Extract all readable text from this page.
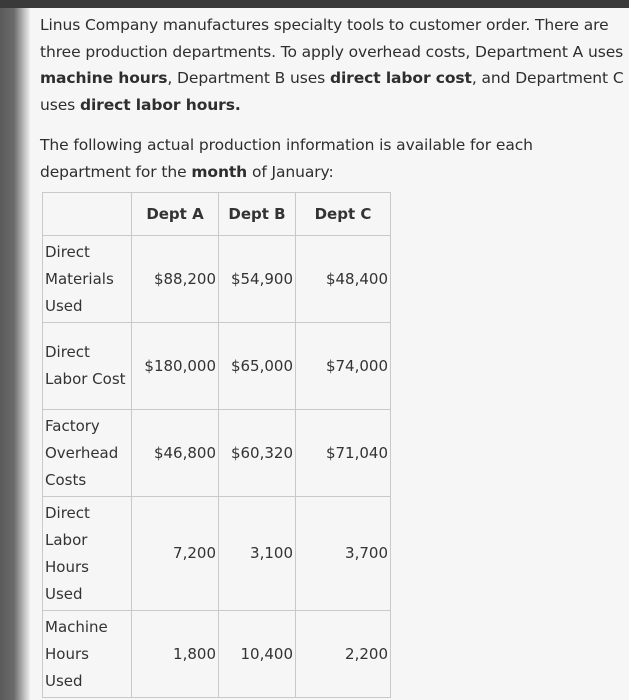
Linus Company manufactures specialty tools to customer order. There are three production departments. To apply overhead costs, Department A uses machine hours, Department B uses direct labor cost, and Department C uses direct labor hours.

The following actual production information is available for each department for the month of January:

	Dept A	Dept B	Dept C
Direct Materials Used	$88,200	$54,900	$48,400
Direct Labor Cost	$180,000	$65,000	$74,000
Factory Overhead Costs	$46,800	$60,320	$71,040
Direct Labor Hours Used	7,200	3,100	3,700
Machine Hours Used	1,800	10,400	2,200
